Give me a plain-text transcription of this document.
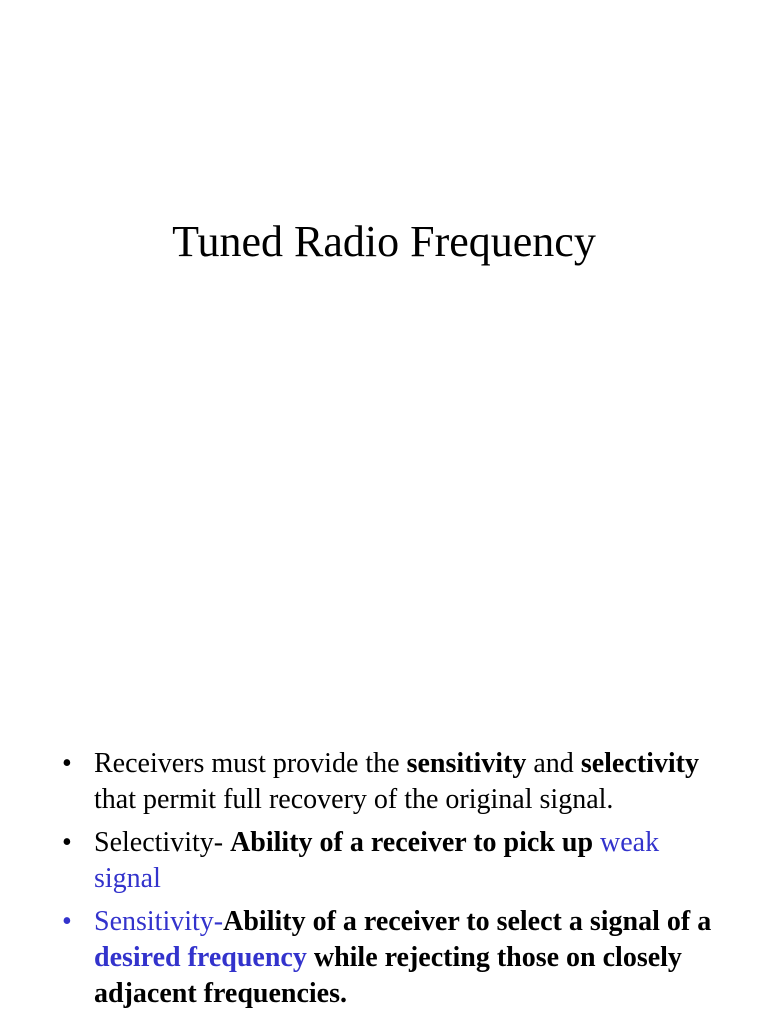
Tuned Radio Frequency
• Receivers must provide the sensitivity and selectivity that permit full recovery of the original signal.
• Selectivity- Ability of a receiver to pick up weak signal
• Sensitivity-Ability of a receiver to select a signal of a desired frequency while rejecting those on closely adjacent frequencies.
